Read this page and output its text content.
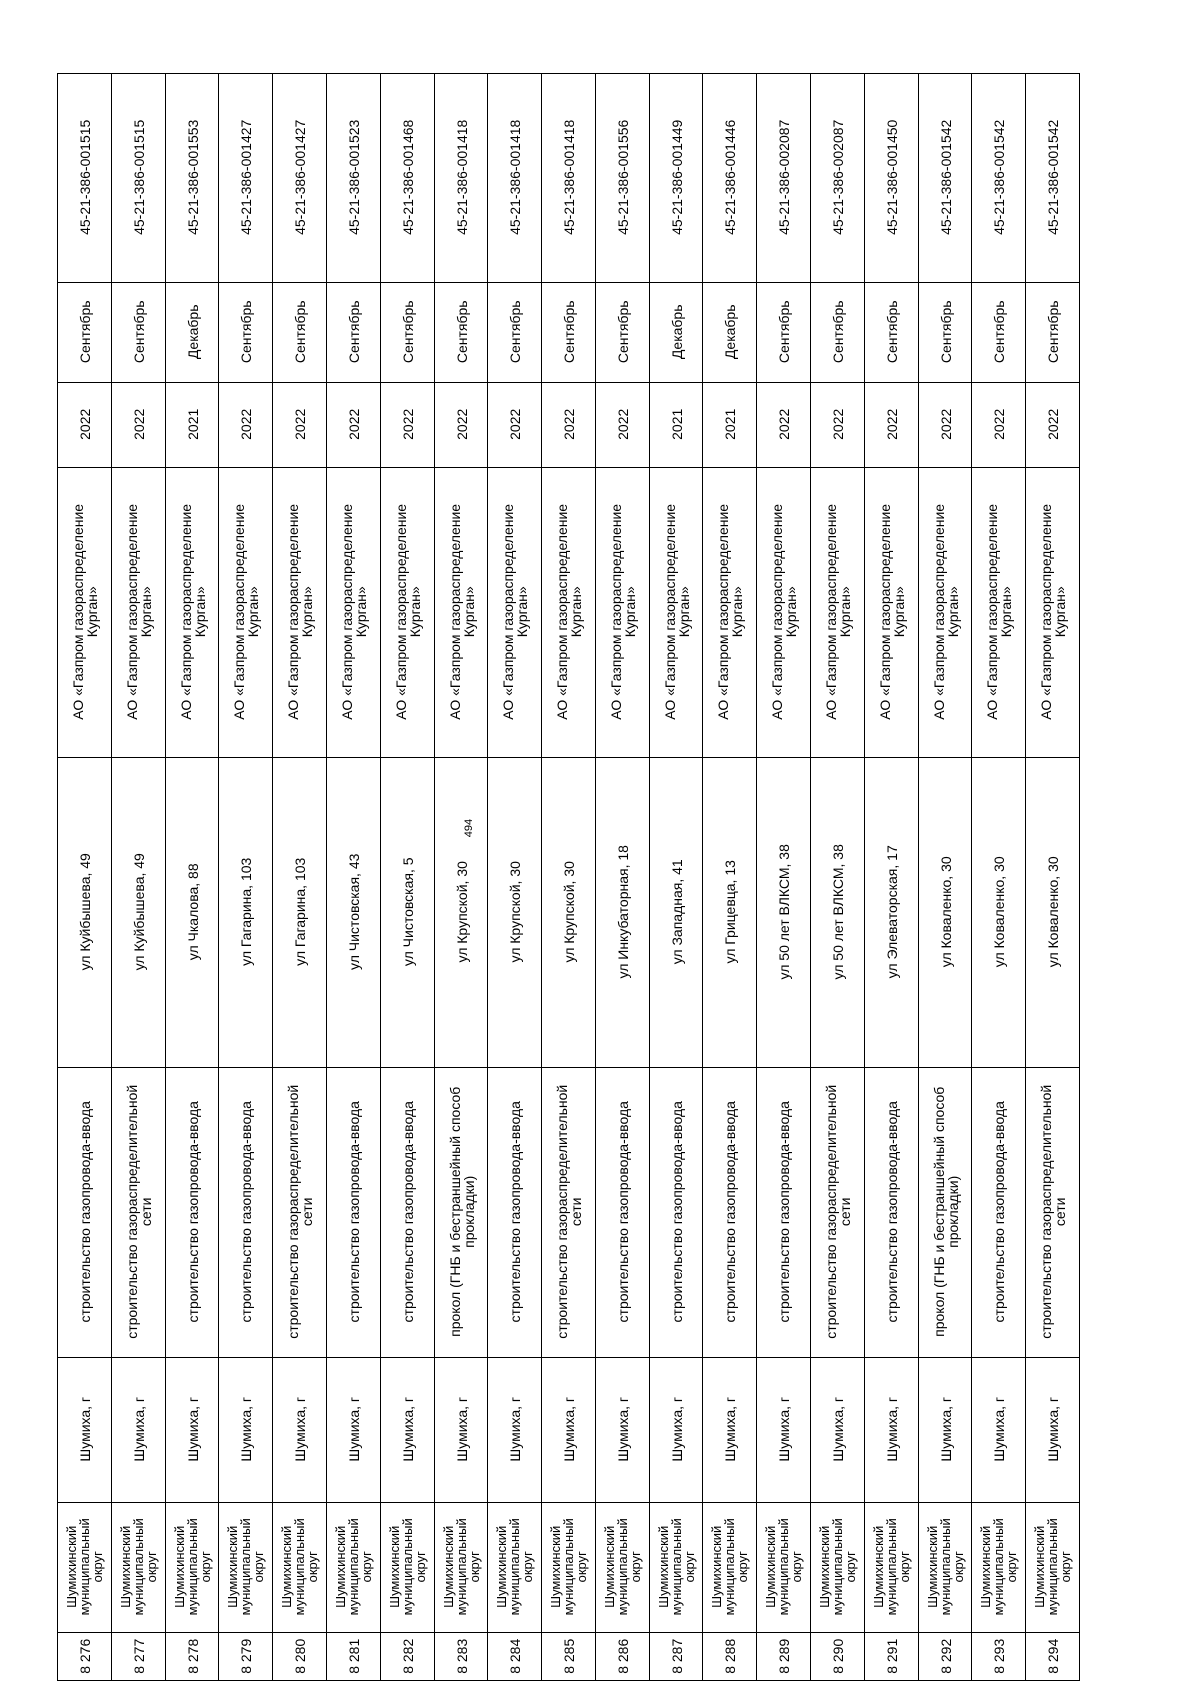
494
8 276
Шумихинский
муниципальный
округ
Шумиха, г
строительство газопровода-ввода
ул Куйбышева, 49
АО «Газпром газораспределение
Курган»
2022
Сентябрь
45-21-386-001515
8 277
Шумихинский
муниципальный
округ
Шумиха, г
строительство газораспределительной
сети
ул Куйбышева, 49
АО «Газпром газораспределение
Курган»
2022
Сентябрь
45-21-386-001515
8 278
Шумихинский
муниципальный
округ
Шумиха, г
строительство газопровода-ввода
ул Чкалова, 88
АО «Газпром газораспределение
Курган»
2021
Декабрь
45-21-386-001553
8 279
Шумихинский
муниципальный
округ
Шумиха, г
строительство газопровода-ввода
ул Гагарина, 103
АО «Газпром газораспределение
Курган»
2022
Сентябрь
45-21-386-001427
8 280
Шумихинский
муниципальный
округ
Шумиха, г
строительство газораспределительной
сети
ул Гагарина, 103
АО «Газпром газораспределение
Курган»
2022
Сентябрь
45-21-386-001427
8 281
Шумихинский
муниципальный
округ
Шумиха, г
строительство газопровода-ввода
ул Чистовская, 43
АО «Газпром газораспределение
Курган»
2022
Сентябрь
45-21-386-001523
8 282
Шумихинский
муниципальный
округ
Шумиха, г
строительство газопровода-ввода
ул Чистовская, 5
АО «Газпром газораспределение
Курган»
2022
Сентябрь
45-21-386-001468
8 283
Шумихинский
муниципальный
округ
Шумиха, г
прокол (ГНБ и бестраншейный способ
прокладки)
ул Крупской, 30
АО «Газпром газораспределение
Курган»
2022
Сентябрь
45-21-386-001418
8 284
Шумихинский
муниципальный
округ
Шумиха, г
строительство газопровода-ввода
ул Крупской, 30
АО «Газпром газораспределение
Курган»
2022
Сентябрь
45-21-386-001418
8 285
Шумихинский
муниципальный
округ
Шумиха, г
строительство газораспределительной
сети
ул Крупской, 30
АО «Газпром газораспределение
Курган»
2022
Сентябрь
45-21-386-001418
8 286
Шумихинский
муниципальный
округ
Шумиха, г
строительство газопровода-ввода
ул Инкубаторная, 18
АО «Газпром газораспределение
Курган»
2022
Сентябрь
45-21-386-001556
8 287
Шумихинский
муниципальный
округ
Шумиха, г
строительство газопровода-ввода
ул Западная, 41
АО «Газпром газораспределение
Курган»
2021
Декабрь
45-21-386-001449
8 288
Шумихинский
муниципальный
округ
Шумиха, г
строительство газопровода-ввода
ул Грицевца, 13
АО «Газпром газораспределение
Курган»
2021
Декабрь
45-21-386-001446
8 289
Шумихинский
муниципальный
округ
Шумиха, г
строительство газопровода-ввода
ул 50 лет ВЛКСМ, 38
АО «Газпром газораспределение
Курган»
2022
Сентябрь
45-21-386-002087
8 290
Шумихинский
муниципальный
округ
Шумиха, г
строительство газораспределительной
сети
ул 50 лет ВЛКСМ, 38
АО «Газпром газораспределение
Курган»
2022
Сентябрь
45-21-386-002087
8 291
Шумихинский
муниципальный
округ
Шумиха, г
строительство газопровода-ввода
ул Элеваторская, 17
АО «Газпром газораспределение
Курган»
2022
Сентябрь
45-21-386-001450
8 292
Шумихинский
муниципальный
округ
Шумиха, г
прокол (ГНБ и бестраншейный способ
прокладки)
ул Коваленко, 30
АО «Газпром газораспределение
Курган»
2022
Сентябрь
45-21-386-001542
8 293
Шумихинский
муниципальный
округ
Шумиха, г
строительство газопровода-ввода
ул Коваленко, 30
АО «Газпром газораспределение
Курган»
2022
Сентябрь
45-21-386-001542
8 294
Шумихинский
муниципальный
округ
Шумиха, г
строительство газораспределительной
сети
ул Коваленко, 30
АО «Газпром газораспределение
Курган»
2022
Сентябрь
45-21-386-001542
